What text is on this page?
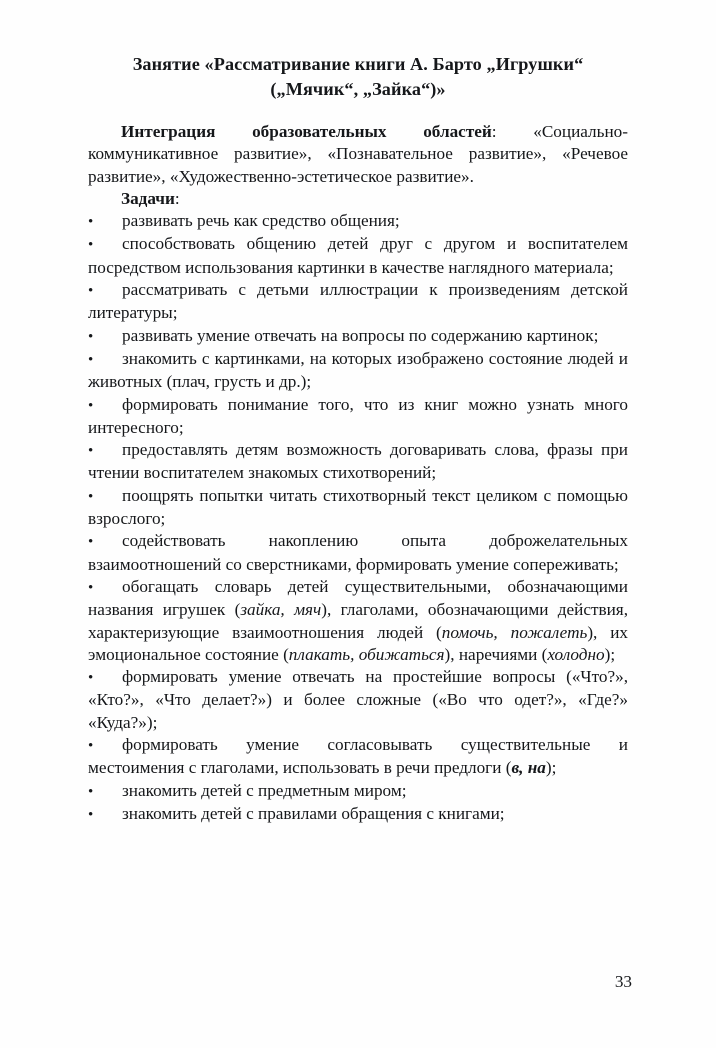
Занятие «Рассматривание книги А. Барто „Игрушки“
(„Мячик“, „Зайка“)»

Интеграция образовательных областей: «Социально-коммуникативное развитие», «Познавательное развитие», «Речевое развитие», «Художественно-эстетическое развитие».

Задачи:

• развивать речь как средство общения;
• способствовать общению детей друг с другом и воспитателем посредством использования картинки в качестве наглядного материала;
• рассматривать с детьми иллюстрации к произведениям детской литературы;
• развивать умение отвечать на вопросы по содержанию картинок;
• знакомить с картинками, на которых изображено состояние людей и животных (плач, грусть и др.);
• формировать понимание того, что из книг можно узнать много интересного;
• предоставлять детям возможность договаривать слова, фразы при чтении воспитателем знакомых стихотворений;
• поощрять попытки читать стихотворный текст целиком с помощью взрослого;
• содействовать накоплению опыта доброжелательных взаимоотношений со сверстниками, формировать умение сопереживать;
• обогащать словарь детей существительными, обозначающими названия игрушек (зайка, мяч), глаголами, обозначающими действия, характеризующие взаимоотношения людей (помочь, пожалеть), их эмоциональное состояние (плакать, обижаться), наречиями (холодно);
• формировать умение отвечать на простейшие вопросы («Что?», «Кто?», «Что делает?») и более сложные («Во что одет?», «Где?» «Куда?»);
• формировать умение согласовывать существительные и местоимения с глаголами, использовать в речи предлоги (в, на);
• знакомить детей с предметным миром;
• знакомить детей с правилами обращения с книгами;
33
